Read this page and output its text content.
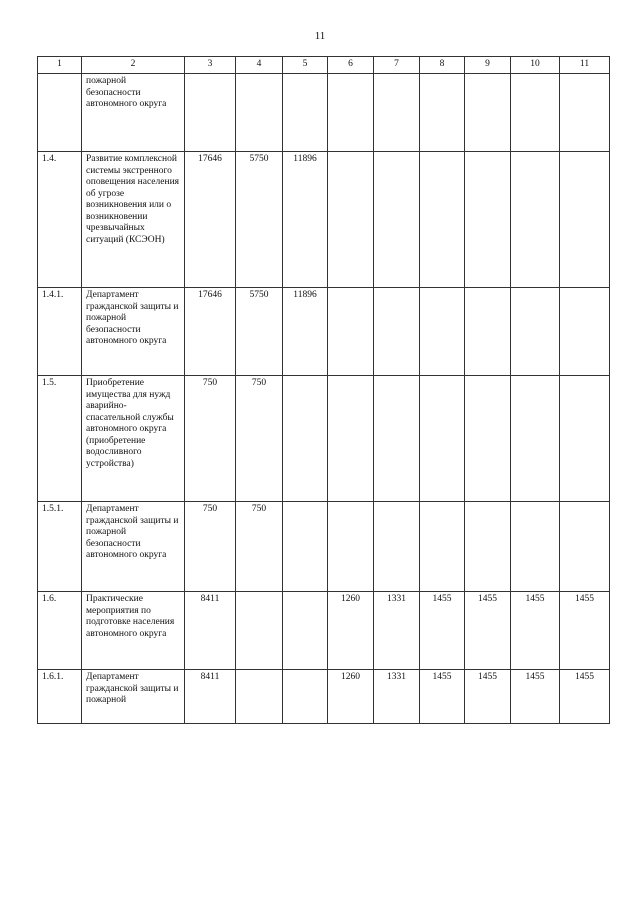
11
1	2	3	4	5	6	7	8	9	10	11
	пожарной безопасности автономного округа									
1.4.	Развитие комплексной системы экстренного оповещения населения об угрозе возникновения или о возникновении чрезвычайных ситуаций (КСЭОН)	17646	5750	11896						
1.4.1.	Департамент гражданской защиты и пожарной безопасности автономного округа	17646	5750	11896						
1.5.	Приобретение имущества для нужд аварийно-спасательной службы автономного округа (приобретение водосливного устройства)	750	750							
1.5.1.	Департамент гражданской защиты и пожарной безопасности автономного округа	750	750							
1.6.	Практические мероприятия по подготовке населения автономного округа	8411			1260	1331	1455	1455	1455	1455
1.6.1.	Департамент гражданской защиты и пожарной	8411			1260	1331	1455	1455	1455	1455
